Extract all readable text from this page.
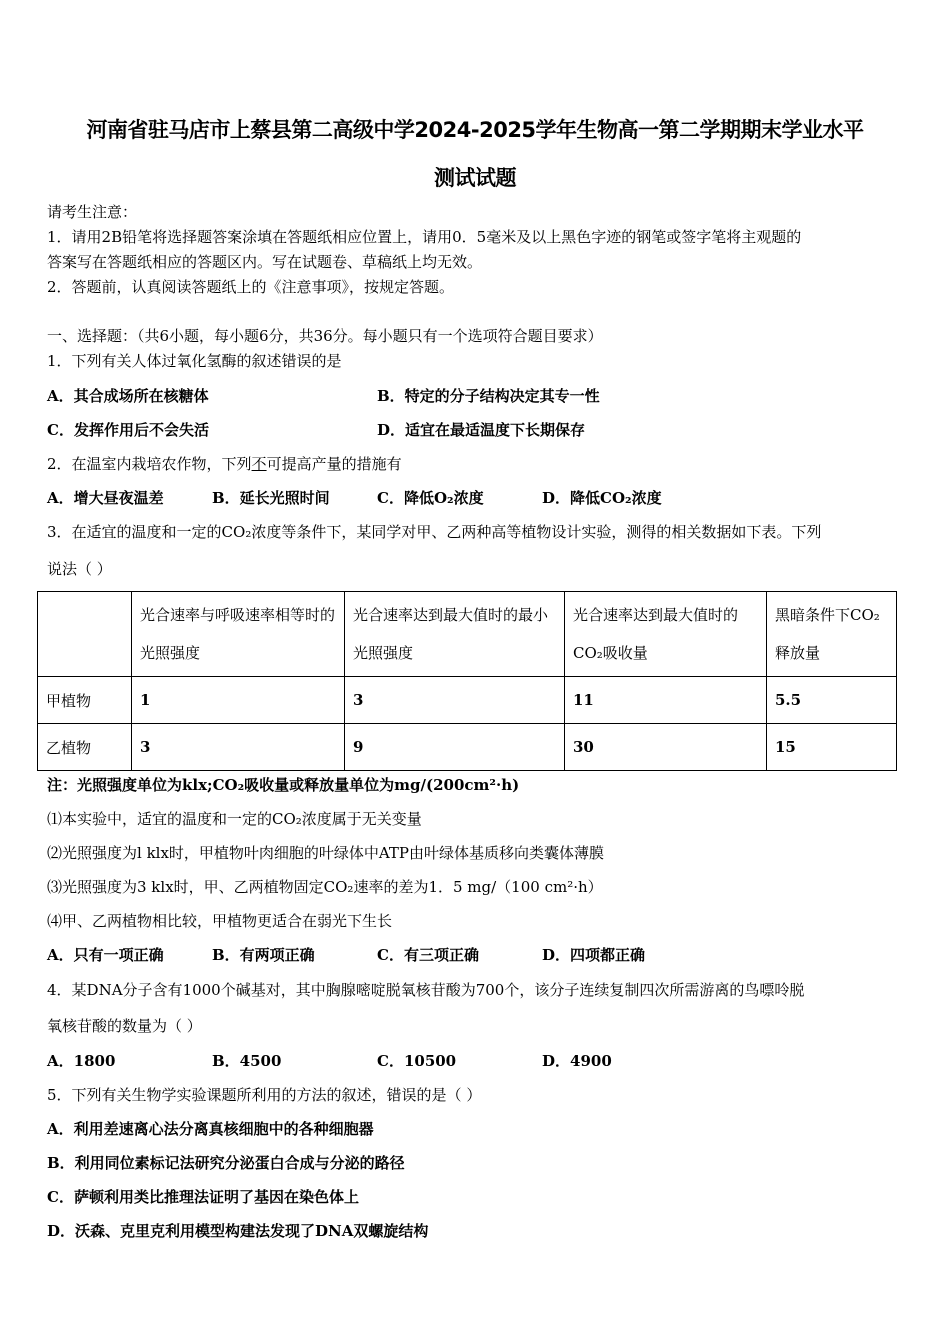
河南省驻马店市上蔡县第二高级中学2024-2025学年生物高一第二学期期末学业水平
测试试题
请考生注意：
1．请用2B铅笔将选择题答案涂填在答题纸相应位置上，请用0．5毫米及以上黑色字迹的钢笔或签字笔将主观题的
答案写在答题纸相应的答题区内。写在试题卷、草稿纸上均无效。
2．答题前，认真阅读答题纸上的《注意事项》，按规定答题。
一、选择题：（共6小题，每小题6分，共36分。每小题只有一个选项符合题目要求）
1．下列有关人体过氧化氢酶的叙述错误的是
A．其合成场所在核糖体	B．特定的分子结构决定其专一性
C．发挥作用后不会失活	D．适宜在最适温度下长期保存
2．在温室内栽培农作物，下列不可提高产量的措施有
A．增大昼夜温差	B．延长光照时间	C．降低O₂浓度	D．降低CO₂浓度
3．在适宜的温度和一定的CO₂浓度等条件下，某同学对甲、乙两种高等植物设计实验，测得的相关数据如下表。下列
说法（ ）
	光合速率与呼吸速率相等时的光照强度	光合速率达到最大值时的最小光照强度	光合速率达到最大值时的CO₂吸收量	黑暗条件下CO₂释放量
甲植物	1	3	11	5.5
乙植物	3	9	30	15
注：光照强度单位为klx;CO₂吸收量或释放量单位为mg/(200cm²·h)
⑴本实验中，适宜的温度和一定的CO₂浓度属于无关变量
⑵光照强度为l klx时，甲植物叶肉细胞的叶绿体中ATP由叶绿体基质移向类囊体薄膜
⑶光照强度为3 klx时，甲、乙两植物固定CO₂速率的差为1．5 mg/（100 cm²·h）
⑷甲、乙两植物相比较，甲植物更适合在弱光下生长
A．只有一项正确	B．有两项正确	C．有三项正确	D．四项都正确
4．某DNA分子含有1000个碱基对，其中胸腺嘧啶脱氧核苷酸为700个，该分子连续复制四次所需游离的鸟嘌呤脱
氧核苷酸的数量为（ ）
A．1800	B．4500	C．10500	D．4900
5．下列有关生物学实验课题所利用的方法的叙述，错误的是（ ）
A．利用差速离心法分离真核细胞中的各种细胞器
B．利用同位素标记法研究分泌蛋白合成与分泌的路径
C．萨顿利用类比推理法证明了基因在染色体上
D．沃森、克里克利用模型构建法发现了DNA双螺旋结构
